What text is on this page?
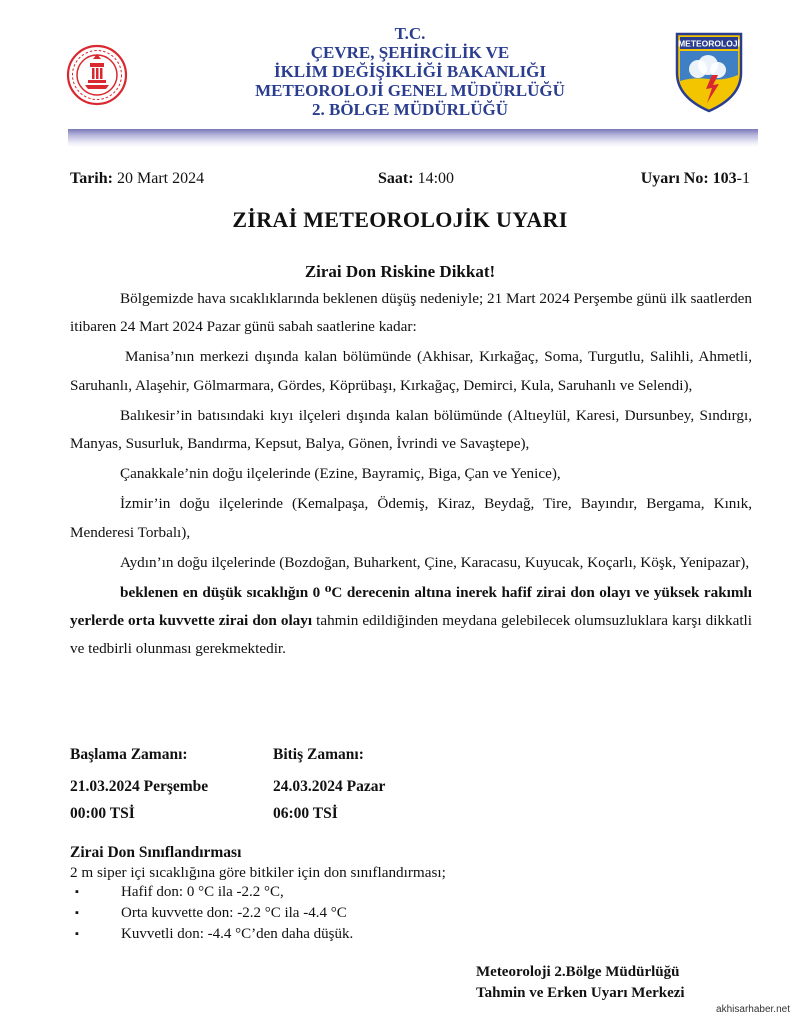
T.C.
ÇEVRE, ŞEHİRCİLİK VE
İKLİM DEĞİŞİKLİĞİ BAKANLIĞI
METEOROLOJİ GENEL MÜDÜRLÜĞÜ
2. BÖLGE MÜDÜRLÜĞÜ
METEOROLOJİ
Tarih: 20 Mart 2024	Saat: 14:00	Uyarı No: 103-1
ZİRAİ METEOROLOJİK UYARI
Zirai Don Riskine Dikkat!

Bölgemizde hava sıcaklıklarında beklenen düşüş nedeniyle; 21 Mart 2024 Perşembe günü ilk saatlerden itibaren 24 Mart 2024 Pazar günü sabah saatlerine kadar:

Manisa’nın merkezi dışında kalan bölümünde (Akhisar, Kırkağaç, Soma, Turgutlu, Salihli, Ahmetli, Saruhanlı, Alaşehir, Gölmarmara, Gördes, Köprübaşı, Kırkağaç, Demirci, Kula, Saruhanlı ve Selendi),

Balıkesir’in batısındaki kıyı ilçeleri dışında kalan bölümünde (Altıeylül, Karesi, Dursunbey, Sındırgı, Manyas, Susurluk, Bandırma, Kepsut, Balya, Gönen, İvrindi ve Savaştepe),

Çanakkale’nin doğu ilçelerinde (Ezine, Bayramiç, Biga, Çan ve Yenice),

İzmir’in doğu ilçelerinde (Kemalpaşa, Ödemiş, Kiraz, Beydağ, Tire, Bayındır, Bergama, Kınık, Menderesi Torbalı),

Aydın’ın doğu ilçelerinde (Bozdoğan, Buharkent, Çine, Karacasu, Kuyucak, Koçarlı, Köşk, Yenipazar),

beklenen en düşük sıcaklığın 0 ⁰C derecenin altına inerek hafif zirai don olayı ve yüksek rakımlı yerlerde orta kuvvette zirai don olayı tahmin edildiğinden meydana gelebilecek olumsuzluklara karşı dikkatli ve tedbirli olunması gerekmektedir.

Başlama Zamanı:	Bitiş Zamanı:
21.03.2024 Perşembe	24.03.2024 Pazar
00:00 TSİ	06:00 TSİ
Zirai Don Sınıflandırması
2 m siper içi sıcaklığına göre bitkiler için don sınıflandırması;
▪	Hafif don: 0 °C ila -2.2 °C,
▪	Orta kuvvette don: -2.2 °C ila -4.4 °C
▪	Kuvvetli don: -4.4 °C’den daha düşük.
Meteoroloji 2.Bölge Müdürlüğü
Tahmin ve Erken Uyarı Merkezi
akhisarhaber.net
